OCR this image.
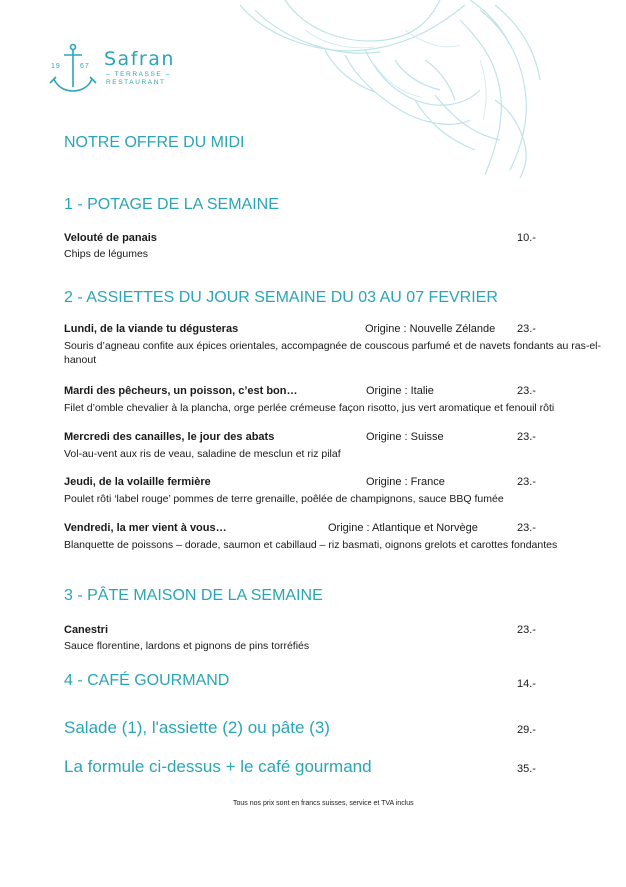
19	67 Safran
– TERRASSE –
RESTAURANT
NOTRE OFFRE DU MIDI
1 - POTAGE DE LA SEMAINE
Velouté de panais	10.-
Chips de légumes
2 - ASSIETTES DU JOUR SEMAINE DU 03 AU 07 FEVRIER
Lundi, de la viande tu dégusteras	Origine : Nouvelle Zélande 23.-
Souris d’agneau confite aux épices orientales, accompagnée de couscous parfumé et de navets fondants au ras-el-hanout
Mardi des pêcheurs, un poisson, c’est bon…	Origine : Italie	23.-
Filet d’omble chevalier à la plancha, orge perlée crémeuse façon risotto, jus vert aromatique et fenouil rôti
Mercredi des canailles, le jour des abats	Origine : Suisse	23.-
Vol-au-vent aux ris de veau, saladine de mesclun et riz pilaf
Jeudi, de la volaille fermière	Origine : France	23.-
Poulet rôti ‘label rouge’ pommes de terre grenaille, poêlée de champignons, sauce BBQ fumée
Vendredi, la mer vient à vous…	Origine : Atlantique et Norvège	23.-
Blanquette de poissons – dorade, saumon et cabillaud – riz basmati, oignons grelots et carottes fondantes
3 - PÂTE MAISON DE LA SEMAINE
Canestri	23.-
Sauce florentine, lardons et pignons de pins torréfiés
4 - CAFÉ GOURMAND	14.-
Salade (1), l'assiette (2) ou pâte (3)	29.-
La formule ci-dessus + le café gourmand	35.-
Tous nos prix sont en francs suisses, service et TVA inclus
